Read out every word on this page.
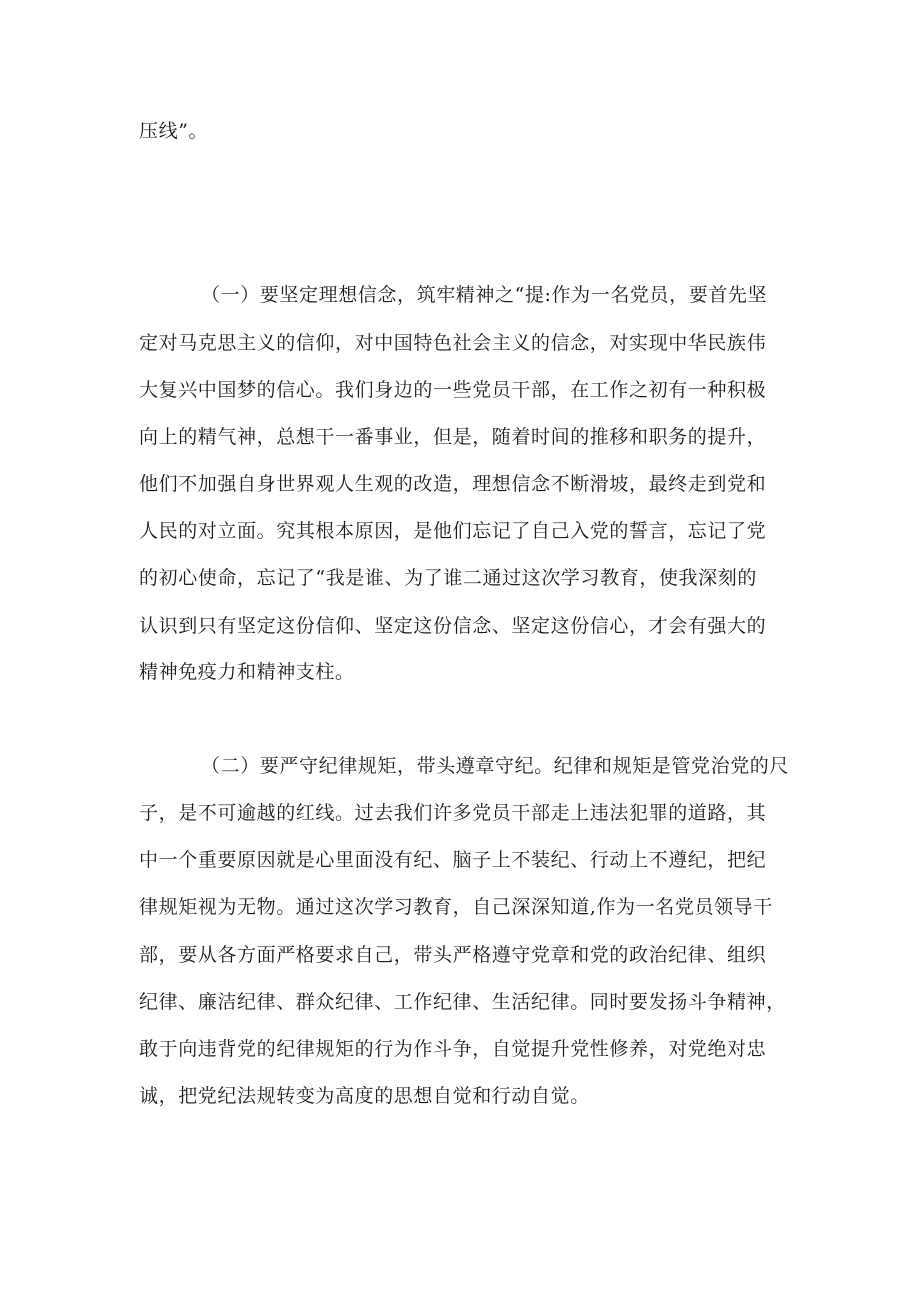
压线”。
（一）要坚定理想信念，筑牢精神之“提:作为一名党员，要首先坚
定对马克思主义的信仰，对中国特色社会主义的信念，对实现中华民族伟
大复兴中国梦的信心。我们身边的一些党员干部，在工作之初有一种积极
向上的精气神，总想干一番事业，但是，随着时间的推移和职务的提升，
他们不加强自身世界观人生观的改造，理想信念不断滑坡，最终走到党和
人民的对立面。究其根本原因，是他们忘记了自己入党的誓言，忘记了党
的初心使命，忘记了“我是谁、为了谁二通过这次学习教育，使我深刻的
认识到只有坚定这份信仰、坚定这份信念、坚定这份信心，才会有强大的
精神免疫力和精神支柱。
（二）要严守纪律规矩，带头遵章守纪。纪律和规矩是管党治党的尺
子，是不可逾越的红线。过去我们许多党员干部走上违法犯罪的道路，其
中一个重要原因就是心里面没有纪、脑子上不装纪、行动上不遵纪，把纪
律规矩视为无物。通过这次学习教育，自己深深知道,作为一名党员领导干
部，要从各方面严格要求自己，带头严格遵守党章和党的政治纪律、组织
纪律、廉洁纪律、群众纪律、工作纪律、生活纪律。同时要发扬斗争精神，
敢于向违背党的纪律规矩的行为作斗争，自觉提升党性修养，对党绝对忠
诚，把党纪法规转变为高度的思想自觉和行动自觉。
